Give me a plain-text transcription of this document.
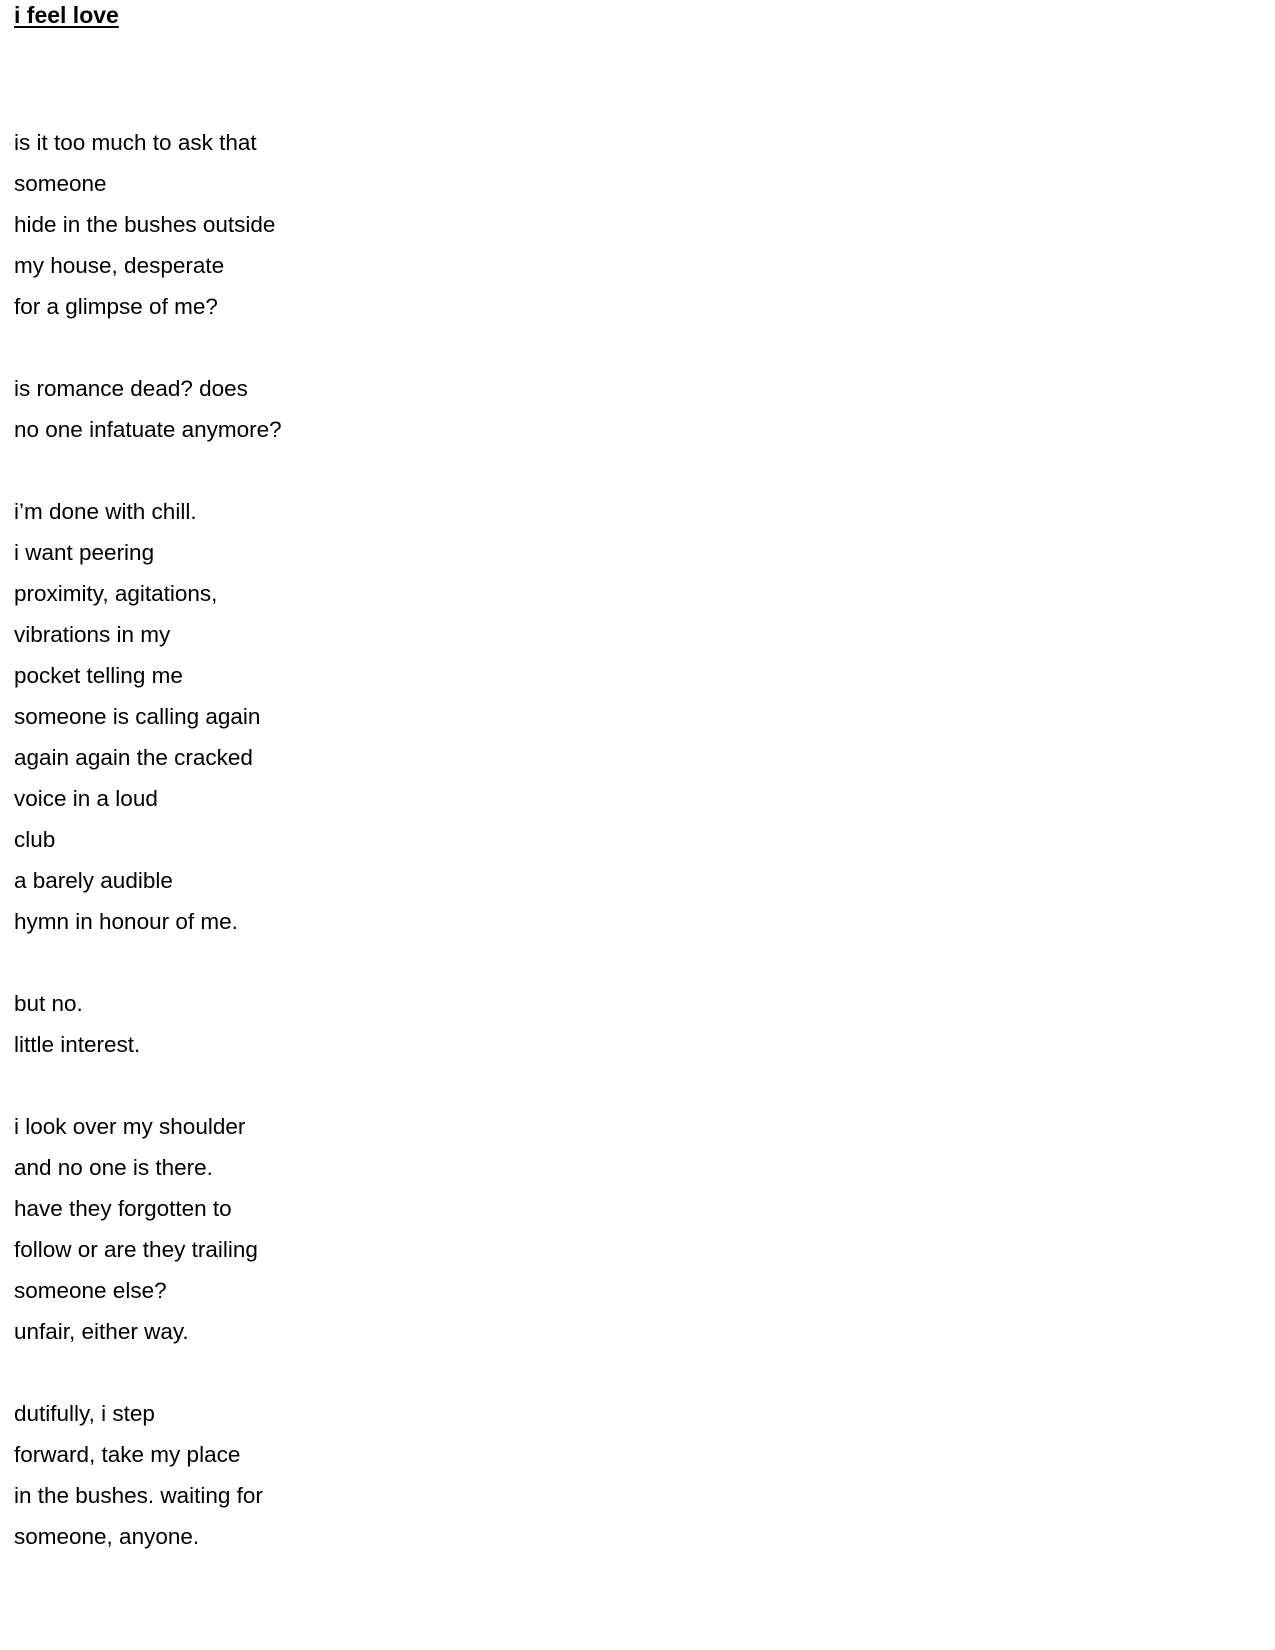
i feel love
is it too much to ask that
someone
hide in the bushes outside
my house, desperate
for a glimpse of me?
is romance dead? does
no one infatuate anymore?
i’m done with chill.
i want peering
proximity, agitations,
vibrations in my
pocket telling me
someone is calling again
again again the cracked
voice in a loud
club
a barely audible
hymn in honour of me.
but no.
little interest.
i look over my shoulder
and no one is there.
have they forgotten to
follow or are they trailing
someone else?
unfair, either way.
dutifully, i step
forward, take my place
in the bushes. waiting for
someone, anyone.
